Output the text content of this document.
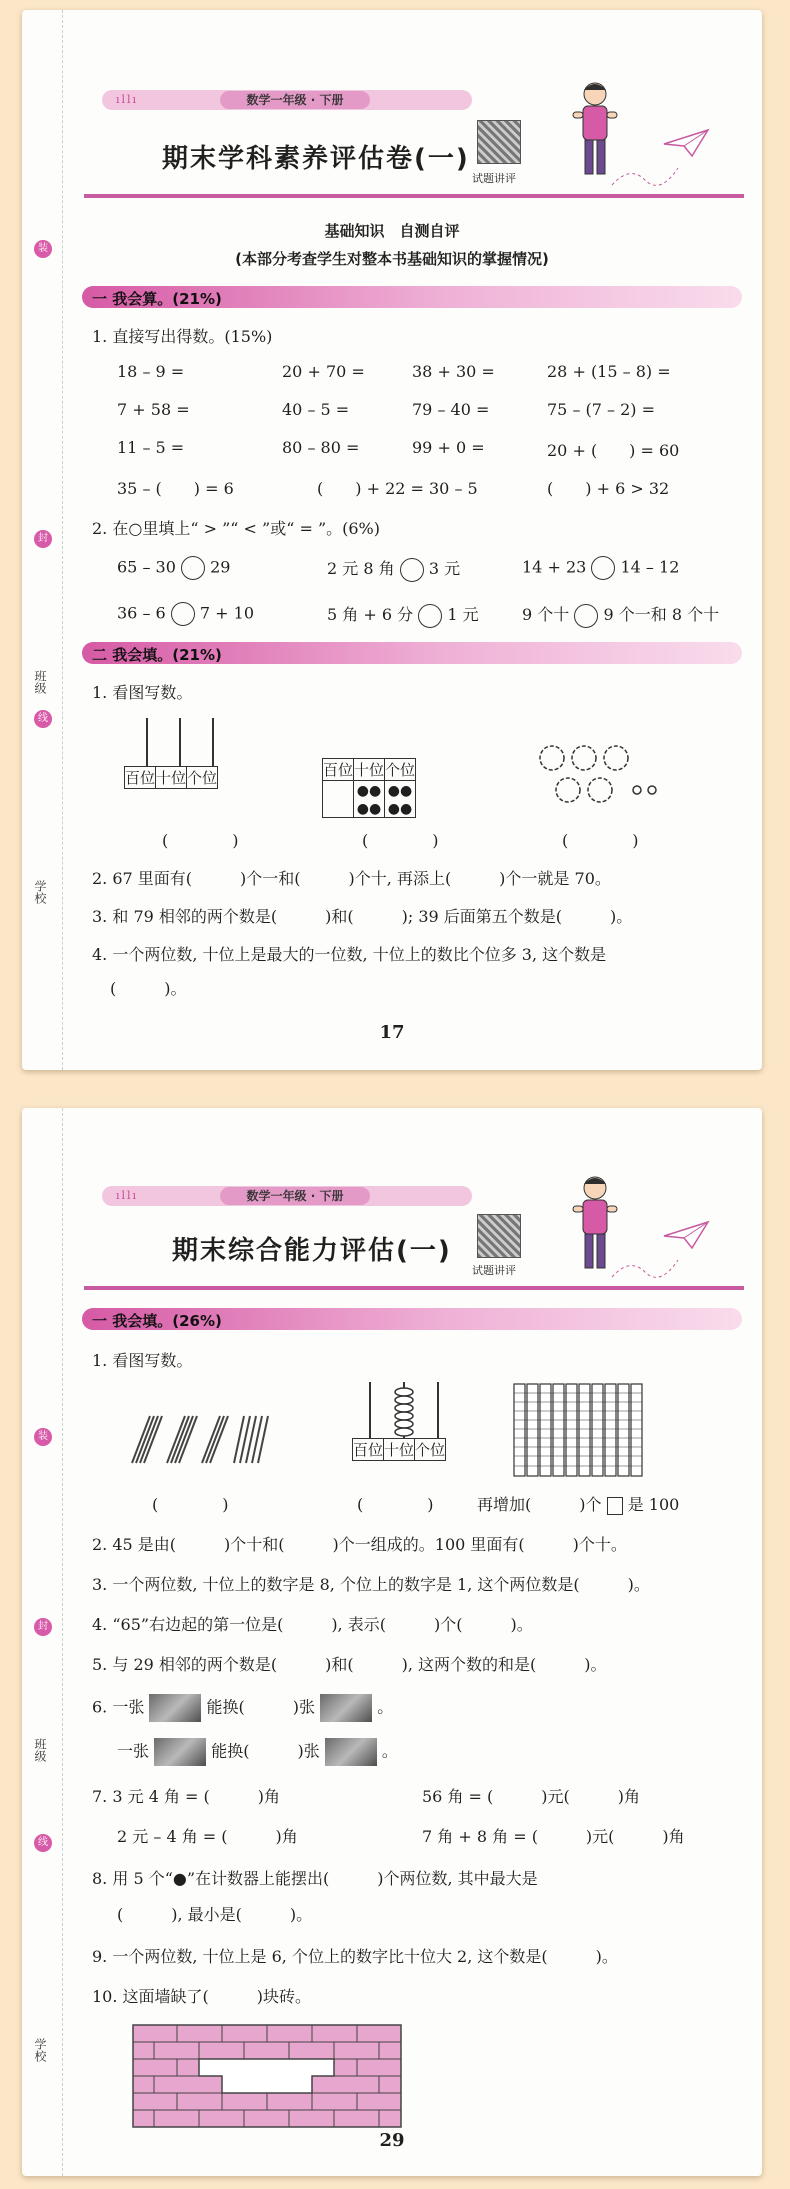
装
封
线
班级
学校
ıllı	数学一年级 · 下册
期末学科素养评估卷(一)
试题讲评
基础知识　自测自评
(本部分考查学生对整本书基础知识的掌握情况)
一 我会算。(21%)
1. 直接写出得数。(15%)
18 – 9 =	20 + 70 =	38 + 30 =	28 + (15 – 8) =
7 + 58 =	40 – 5 =	79 – 40 =	75 – (7 – 2) =
11 – 5 =	80 – 80 =	99 + 0 =	20 + (　　) = 60
35 – (　　) = 6	(　　) + 22 = 30 – 5	(　　) + 6 > 32
2. 在○里填上“ > ”“ < ”或“ = ”。(6%)
65 – 30 29	2 元 8 角 3 元	14 + 23 14 – 12
36 – 6 7 + 10	5 角 + 6 分 1 元	9 个十 9 个一和 8 个十
二 我会填。(21%)
1. 看图写数。
百位	十位	个位	百位	十位	个位
	●●
●●	●●
●●
(　　　　)	(　　　　)	(　　　　)
2. 67 里面有(　　　)个一和(　　　)个十, 再添上(　　　)个一就是 70。
3. 和 79 相邻的两个数是(　　　)和(　　　); 39 后面第五个数是(　　　)。
4. 一个两位数, 十位上是最大的一位数, 十位上的数比个位多 3, 这个数是
(　　　)。
17
装
封
线
班级
学校
ıllı	数学一年级 · 下册
期末综合能力评估(一)
试题讲评
一 我会填。(26%)
1. 看图写数。
百位	十位	个位
(　　　　)	(　　　　)	再增加(　　　)个 是 100
2. 45 是由(　　　)个十和(　　　)个一组成的。100 里面有(　　　)个十。
3. 一个两位数, 十位上的数字是 8, 个位上的数字是 1, 这个两位数是(　　　)。
4. “65”右边起的第一位是(　　　), 表示(　　　)个(　　　)。
5. 与 29 相邻的两个数是(　　　)和(　　　), 这两个数的和是(　　　)。
6. 一张	能换(　　　)张	。
一张	能换(　　　)张	。
7. 3 元 4 角 = (　　　)角	56 角 = (　　　)元(　　　)角
2 元 – 4 角 = (　　　)角	7 角 + 8 角 = (　　　)元(　　　)角
8. 用 5 个“●”在计数器上能摆出(　　　)个两位数, 其中最大是
(　　　), 最小是(　　　)。
9. 一个两位数, 十位上是 6, 个位上的数字比十位大 2, 这个数是(　　　)。
10. 这面墙缺了(　　　)块砖。
29
